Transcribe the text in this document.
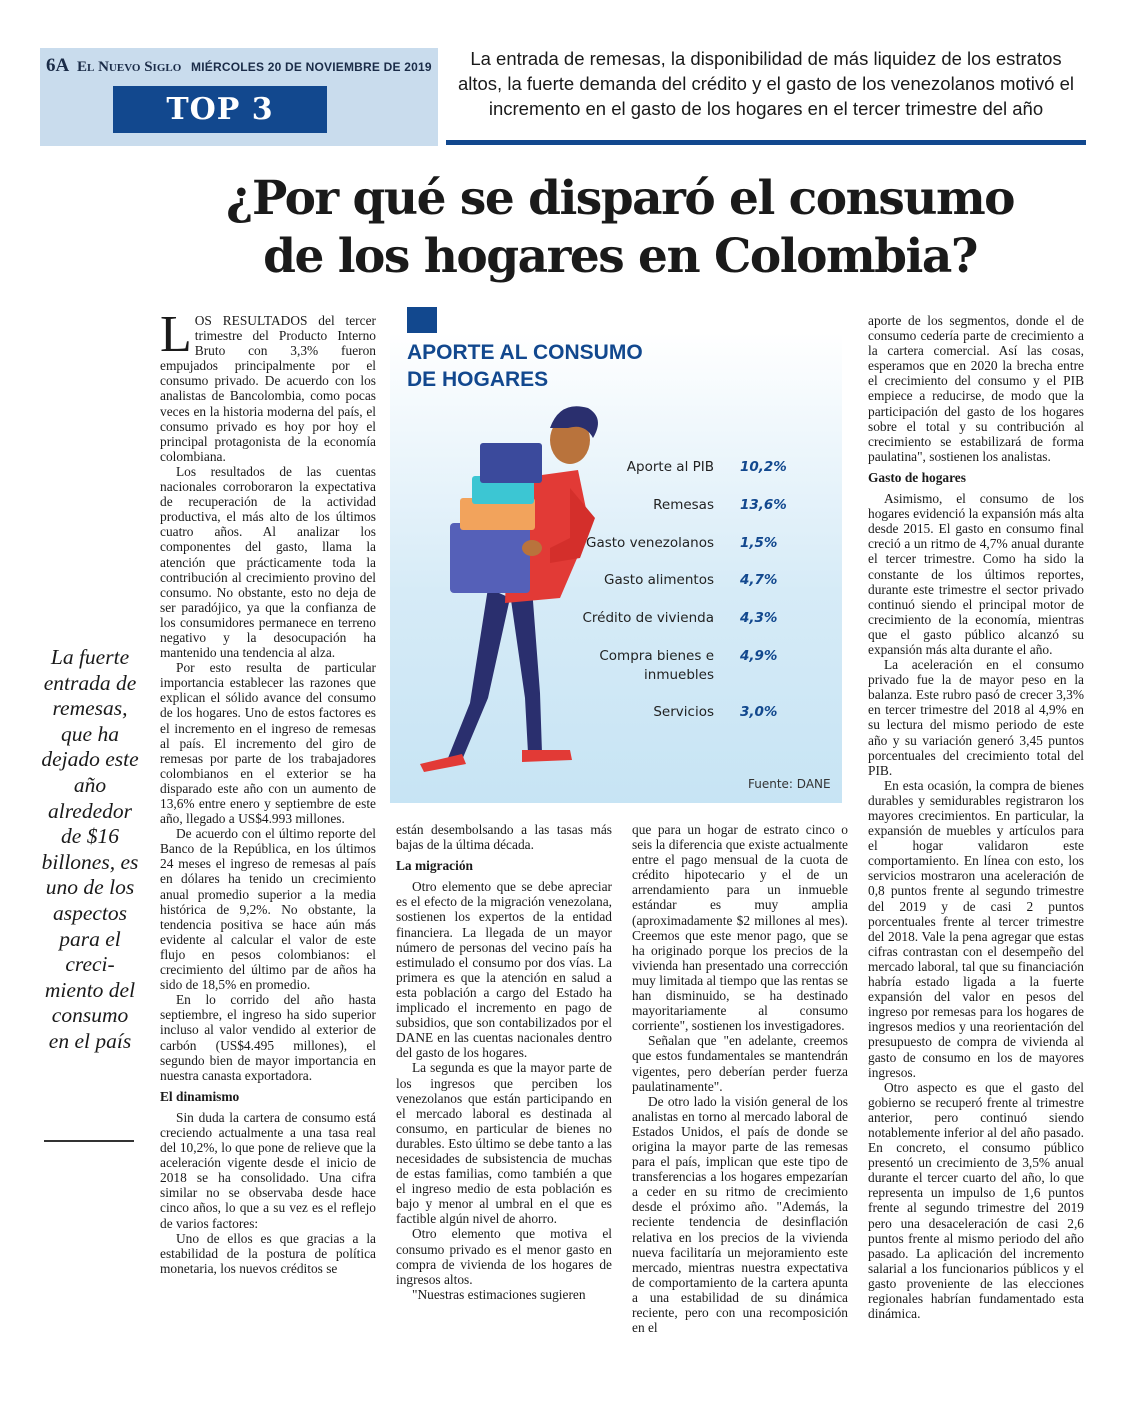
6A El Nuevo Siglo MIÉRCOLES 20 DE NOVIEMBRE DE 2019
TOP 3
La entrada de remesas, la disponibilidad de más liquidez de los estratos altos, la fuerte demanda del crédito y el gasto de los venezolanos motivó el incremento en el gasto de los hogares en el tercer trimestre del año
¿Por qué se disparó el consumo
de los hogares en Colombia?
La fuerte entrada de remesas, que ha dejado este año alrededor de $16 billones, es uno de los aspectos para el creci- miento del consumo en el país

LOS RESULTADOS del tercer trimestre del Producto Interno Bruto con 3,3% fueron empujados principalmente por el consumo privado. De acuerdo con los analistas de Bancolombia, como pocas veces en la historia moderna del país, el consumo privado es hoy por hoy el principal protagonista de la economía colombiana.

Los resultados de las cuentas nacionales corroboraron la expectativa de recuperación de la actividad productiva, el más alto de los últimos cuatro años. Al analizar los componentes del gasto, llama la atención que prácticamente toda la contribución al crecimiento provino del consumo. No obstante, esto no deja de ser paradójico, ya que la confianza de los consumidores permanece en terreno negativo y la desocupación ha mantenido una tendencia al alza.

Por esto resulta de particular importancia establecer las razones que explican el sólido avance del consumo de los hogares. Uno de estos factores es el incremento en el ingreso de remesas al país. El incremento del giro de remesas por parte de los trabajadores colombianos en el exterior se ha disparado este año con un aumento de 13,6% entre enero y septiembre de este año, llegado a US$4.993 millones.

De acuerdo con el último reporte del Banco de la República, en los últimos 24 meses el ingreso de remesas al país en dólares ha tenido un crecimiento anual promedio superior a la media histórica de 9,2%. No obstante, la tendencia positiva se hace aún más evidente al calcular el valor de este flujo en pesos colombianos: el crecimiento del último par de años ha sido de 18,5% en promedio.

En lo corrido del año hasta septiembre, el ingreso ha sido superior incluso al valor vendido al exterior de carbón (US$4.495 millones), el segundo bien de mayor importancia en nuestra canasta exportadora.

El dinamismo

Sin duda la cartera de consumo está creciendo actualmente a una tasa real del 10,2%, lo que pone de relieve que la aceleración vigente desde el inicio de 2018 se ha consolidado. Una cifra similar no se observaba desde hace cinco años, lo que a su vez es el reflejo de varios factores:

Uno de ellos es que gracias a la estabilidad de la postura de política monetaria, los nuevos créditos se

APORTE AL CONSUMO
DE HOGARES
Aporte al PIB 10,2%
Remesas 13,6%
Gasto venezolanos 1,5%
Gasto alimentos 4,7%
Crédito de vivienda 4,3%
Compra bienes e inmuebles
4,9%
Servicios 3,0%
Fuente: DANE

están desembolsando a las tasas más bajas de la última década.

La migración

Otro elemento que se debe apreciar es el efecto de la migración venezolana, sostienen los expertos de la entidad financiera. La llegada de un mayor número de personas del vecino país ha estimulado el consumo por dos vías. La primera es que la atención en salud a esta población a cargo del Estado ha implicado el incremento en pago de subsidios, que son contabilizados por el DANE en las cuentas nacionales dentro del gasto de los hogares.

La segunda es que la mayor parte de los ingresos que perciben los venezolanos que están participando en el mercado laboral es destinada al consumo, en particular de bienes no durables. Esto último se debe tanto a las necesidades de subsistencia de muchas de estas familias, como también a que el ingreso medio de esta población es bajo y menor al umbral en el que es factible algún nivel de ahorro.

Otro elemento que motiva el consumo privado es el menor gasto en compra de vivienda de los hogares de ingresos altos.

"Nuestras estimaciones sugieren

que para un hogar de estrato cinco o seis la diferencia que existe actualmente entre el pago mensual de la cuota de crédito hipotecario y el de un arrendamiento para un inmueble estándar es muy amplia (aproximadamente $2 millones al mes). Creemos que este menor pago, que se ha originado porque los precios de la vivienda han presentado una corrección muy limitada al tiempo que las rentas se han disminuido, se ha destinado mayoritariamente al consumo corriente", sostienen los investigadores.

Señalan que "en adelante, creemos que estos fundamentales se mantendrán vigentes, pero deberían perder fuerza paulatinamente".

De otro lado la visión general de los analistas en torno al mercado laboral de Estados Unidos, el país de donde se origina la mayor parte de las remesas para el país, implican que este tipo de transferencias a los hogares empezarían a ceder en su ritmo de crecimiento desde el próximo año. "Además, la reciente tendencia de desinflación relativa en los precios de la vivienda nueva facilitaría un mejoramiento este mercado, mientras nuestra expectativa de comportamiento de la cartera apunta a una estabilidad de su dinámica reciente, pero con una recomposición en el

aporte de los segmentos, donde el de consumo cedería parte de crecimiento a la cartera comercial. Así las cosas, esperamos que en 2020 la brecha entre el crecimiento del consumo y el PIB empiece a reducirse, de modo que la participación del gasto de los hogares sobre el total y su contribución al crecimiento se estabilizará de forma paulatina", sostienen los analistas.

Gasto de hogares

Asimismo, el consumo de los hogares evidenció la expansión más alta desde 2015. El gasto en consumo final creció a un ritmo de 4,7% anual durante el tercer trimestre. Como ha sido la constante de los últimos reportes, durante este trimestre el sector privado continuó siendo el principal motor de crecimiento de la economía, mientras que el gasto público alcanzó su expansión más alta durante el año.

La aceleración en el consumo privado fue la de mayor peso en la balanza. Este rubro pasó de crecer 3,3% en tercer trimestre del 2018 al 4,9% en su lectura del mismo periodo de este año y su variación generó 3,45 puntos porcentuales del crecimiento total del PIB.

En esta ocasión, la compra de bienes durables y semidurables registraron los mayores crecimientos. En particular, la expansión de muebles y artículos para el hogar validaron este comportamiento. En línea con esto, los servicios mostraron una aceleración de 0,8 puntos frente al segundo trimestre del 2019 y de casi 2 puntos porcentuales frente al tercer trimestre del 2018. Vale la pena agregar que estas cifras contrastan con el desempeño del mercado laboral, tal que su financiación habría estado ligada a la fuerte expansión del valor en pesos del ingreso por remesas para los hogares de ingresos medios y una reorientación del presupuesto de compra de vivienda al gasto de consumo en los de mayores ingresos.

Otro aspecto es que el gasto del gobierno se recuperó frente al trimestre anterior, pero continuó siendo notablemente inferior al del año pasado. En concreto, el consumo público presentó un crecimiento de 3,5% anual durante el tercer cuarto del año, lo que representa un impulso de 1,6 puntos frente al segundo trimestre del 2019 pero una desaceleración de casi 2,6 puntos frente al mismo periodo del año pasado. La aplicación del incremento salarial a los funcionarios públicos y el gasto proveniente de las elecciones regionales habrían fundamentado esta dinámica.
